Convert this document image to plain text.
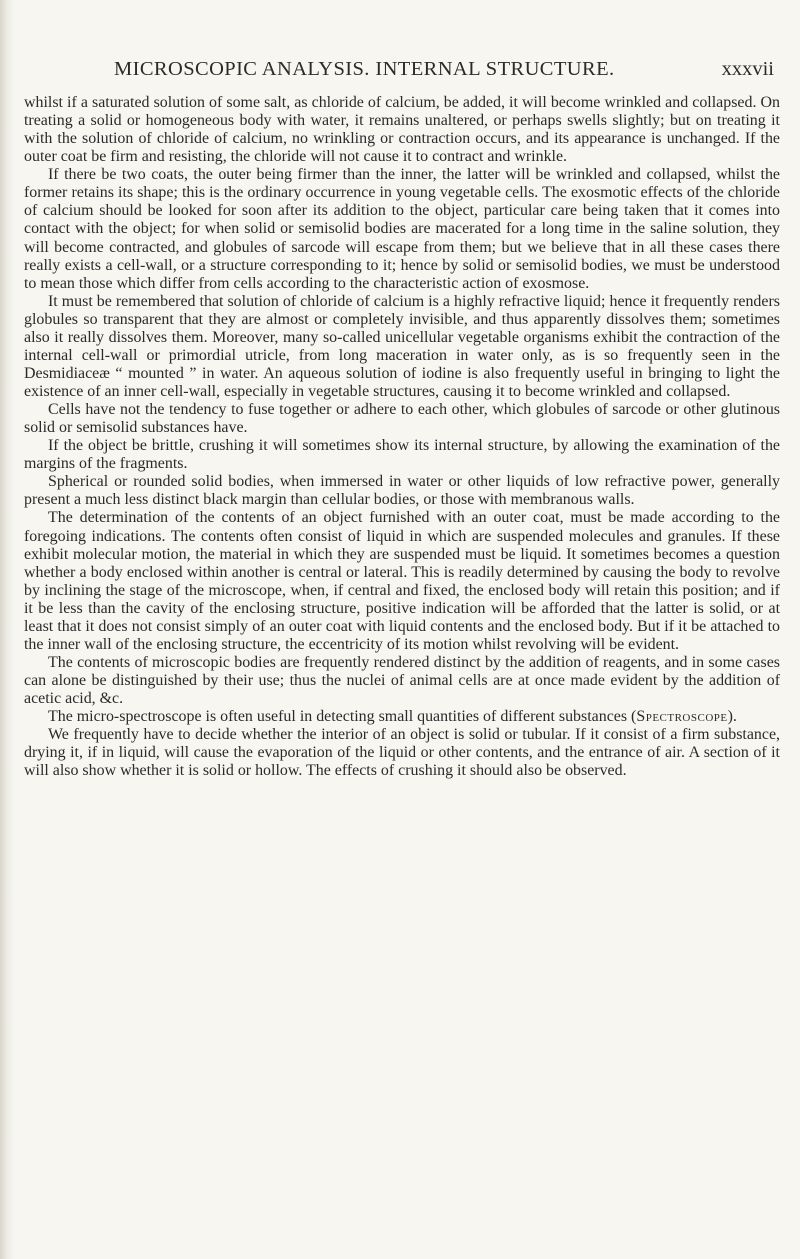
MICROSCOPIC ANALYSIS. INTERNAL STRUCTURE.	xxxvii

whilst if a saturated solution of some salt, as chloride of calcium, be added, it will become wrinkled and collapsed. On treating a solid or homogeneous body with water, it remains unaltered, or perhaps swells slightly; but on treating it with the solution of chloride of calcium, no wrinkling or contraction occurs, and its appearance is unchanged. If the outer coat be firm and resisting, the chloride will not cause it to contract and wrinkle.

If there be two coats, the outer being firmer than the inner, the latter will be wrinkled and collapsed, whilst the former retains its shape; this is the ordinary occurrence in young vegetable cells. The exosmotic effects of the chloride of calcium should be looked for soon after its addition to the object, particular care being taken that it comes into contact with the object; for when solid or semisolid bodies are macerated for a long time in the saline solution, they will become contracted, and globules of sarcode will escape from them; but we believe that in all these cases there really exists a cell-wall, or a structure corresponding to it; hence by solid or semisolid bodies, we must be understood to mean those which differ from cells according to the characteristic action of exosmose.

It must be remembered that solution of chloride of calcium is a highly refractive liquid; hence it frequently renders globules so transparent that they are almost or completely invisible, and thus apparently dissolves them; sometimes also it really dissolves them. Moreover, many so-called unicellular vegetable organisms exhibit the contraction of the internal cell-wall or primordial utricle, from long maceration in water only, as is so frequently seen in the Desmidiaceæ “ mounted ” in water. An aqueous solution of iodine is also frequently useful in bringing to light the existence of an inner cell-wall, especially in vegetable structures, causing it to become wrinkled and collapsed.

Cells have not the tendency to fuse together or adhere to each other, which globules of sarcode or other glutinous solid or semisolid substances have.

If the object be brittle, crushing it will sometimes show its internal structure, by allowing the examination of the margins of the fragments.

Spherical or rounded solid bodies, when immersed in water or other liquids of low refractive power, generally present a much less distinct black margin than cellular bodies, or those with membranous walls.

The determination of the contents of an object furnished with an outer coat, must be made according to the foregoing indications. The contents often consist of liquid in which are suspended molecules and granules. If these exhibit molecular motion, the material in which they are suspended must be liquid. It sometimes becomes a question whether a body enclosed within another is central or lateral. This is readily determined by causing the body to revolve by inclining the stage of the microscope, when, if central and fixed, the enclosed body will retain this position; and if it be less than the cavity of the enclosing structure, positive indication will be afforded that the latter is solid, or at least that it does not consist simply of an outer coat with liquid contents and the enclosed body. But if it be attached to the inner wall of the enclosing structure, the eccentricity of its motion whilst revolving will be evident.

The contents of microscopic bodies are frequently rendered distinct by the addition of reagents, and in some cases can alone be distinguished by their use; thus the nuclei of animal cells are at once made evident by the addition of acetic acid, &c.

The micro-spectroscope is often useful in detecting small quantities of different substances (Spectroscope).

We frequently have to decide whether the interior of an object is solid or tubular. If it consist of a firm substance, drying it, if in liquid, will cause the evaporation of the liquid or other contents, and the entrance of air. A section of it will also show whether it is solid or hollow. The effects of crushing it should also be observed.
